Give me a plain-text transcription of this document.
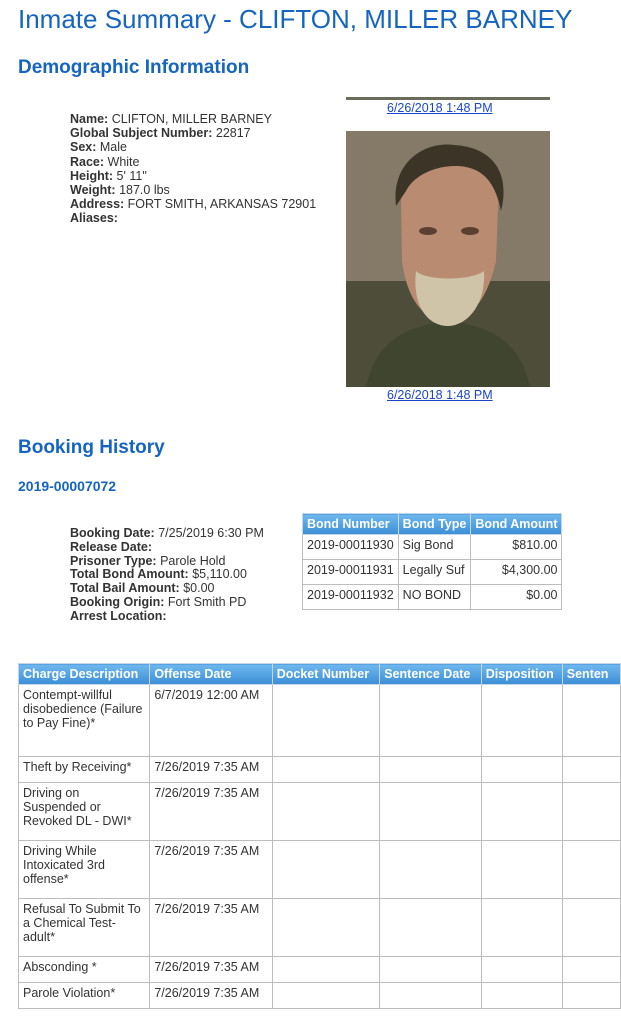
Inmate Summary - CLIFTON, MILLER BARNEY
Demographic Information
Name: CLIFTON, MILLER BARNEY
Global Subject Number: 22817
Sex: Male
Race: White
Height: 5' 11"
Weight: 187.0 lbs
Address: FORT SMITH, ARKANSAS 72901
Aliases:
6/26/2018 1:48 PM
6/26/2018 1:48 PM
Booking History
2019-00007072
Booking Date: 7/25/2019 6:30 PM
Release Date:
Prisoner Type: Parole Hold
Total Bond Amount: $5,110.00
Total Bail Amount: $0.00
Booking Origin: Fort Smith PD
Arrest Location:
Bond Number	Bond Type	Bond Amount
2019-00011930	Sig Bond	$810.00
2019-00011931	Legally Suf	$4,300.00
2019-00011932	NO BOND	$0.00
Charge Description	Offense Date	Docket Number	Sentence Date	Disposition	Senten
Contempt-willful disobedience (Failure to Pay Fine)*	6/7/2019 12:00 AM				
Theft by Receiving*	7/26/2019 7:35 AM				
Driving on Suspended or Revoked DL - DWI*	7/26/2019 7:35 AM				
Driving While Intoxicated 3rd offense*	7/26/2019 7:35 AM				
Refusal To Submit To a Chemical Test-adult*	7/26/2019 7:35 AM				
Absconding *	7/26/2019 7:35 AM				
Parole Violation*	7/26/2019 7:35 AM				
